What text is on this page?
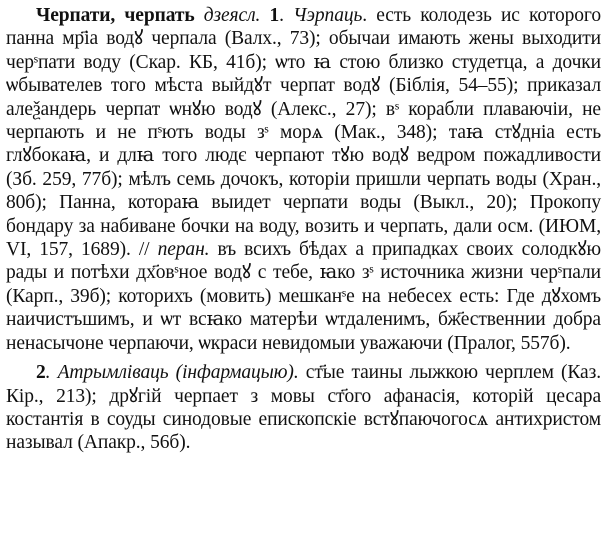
Черпати, черпать дзеясл. 1. Чэрпаць. есть колодезь ис которого панна мр҃іа водꙋ черпала (Валх., 73); обычаи имають жены выходити черˢпати воду (Скар. КБ, 41б); ѡто ꙗ стою близко студетца, а дочки ѡбывателев того мѣста выйдꙋт черпат водꙋ (Біблія, 54–55); приказал алеѯандерь черпат ѡнꙋю водꙋ (Алекс., 27); вˢ корабли плаваючіи, не черпають и не пˢють воды зˢ морѧ (Мак., 348); таꙗ стꙋдніа есть глꙋбокаꙗ, и длꙗ того людє черпают тꙋю водꙋ ведром пожадливости (Зб. 259, 77б); мѣлъ семь дочокъ, которіи пришли черпать воды (Хран., 80б); Панна, котораꙗ выидет черпати воды (Выкл., 20); Прокопу бондару за набиване бочки на воду, возить и черпать, дали осм. (ИЮМ, VI, 157, 1689). // перан. въ всихъ бѣдах а припадках своих солодкꙋю рады и потѣхи дх҃овˢное водꙋ с тебе, ꙗко зˢ источника жизни черˢпали (Карп., 39б); которихъ (мовить) мешканˢе на небесех есть: Где дꙋхомъ наичистъшимъ, и ѡт всꙗко матерѣи ѡтдаленимъ, бж҃ественнии добра ненасычоне черпаючи, ѡкраси невидомыи уважаючи (Пралог, 557б).

2. Атрымліваць (інфармацыю). ст҃ые таины лыжкою черплем (Каз. Кір., 213); дрꙋгій черпает з мовы ст҃ого афанасія, которій цесара костантія в соуды синодовые епископскіе встꙋпаючогосѧ антихристом называл (Апакр., 56б).
